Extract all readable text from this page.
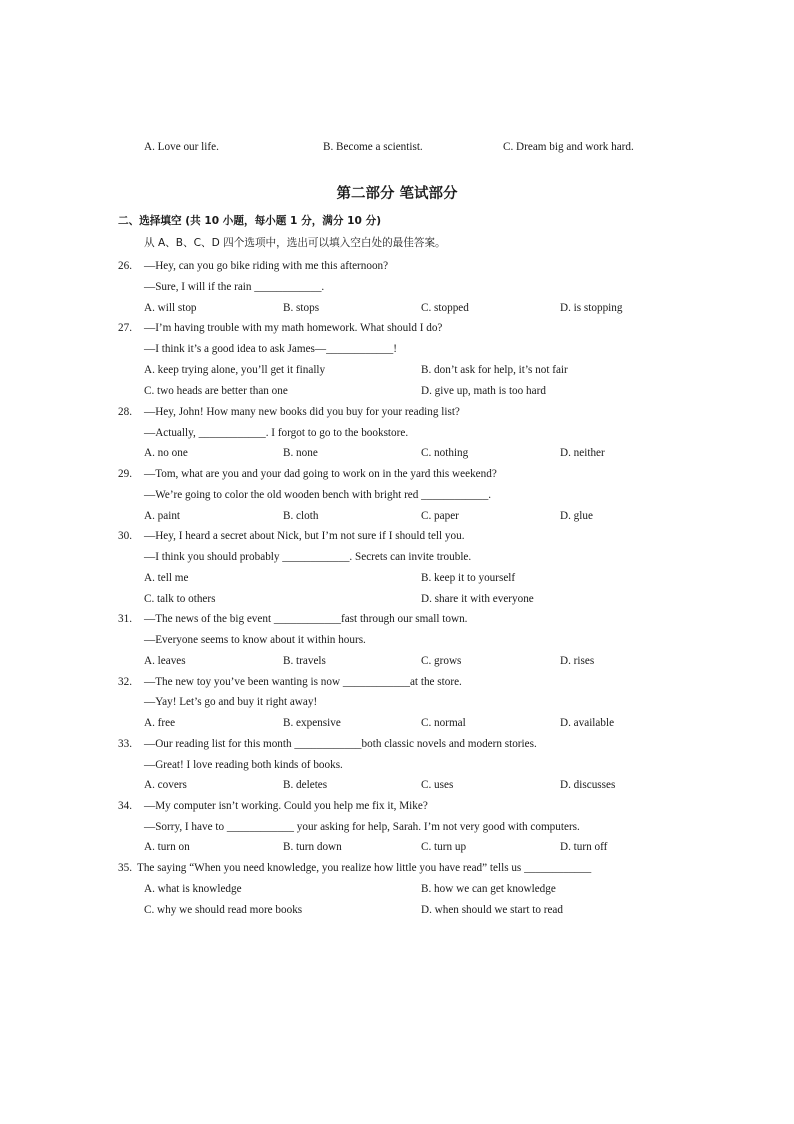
A. Love our life.	B. Become a scientist.	C. Dream big and work hard.
第二部分 笔试部分
二、选择填空 (共 10 小题，每小题 1 分，满分 10 分)
从 A、B、C、D 四个选项中，选出可以填入空白处的最佳答案。
26. —Hey, can you go bike riding with me this afternoon?
—Sure, I will if the rain ____________.
A. will stop	B. stops	C. stopped	D. is stopping
27. —I’m having trouble with my math homework. What should I do?
—I think it’s a good idea to ask James—____________!
A. keep trying alone, you’ll get it finally	B. don’t ask for help, it’s not fair
C. two heads are better than one	D. give up, math is too hard
28. —Hey, John! How many new books did you buy for your reading list?
—Actually, ____________. I forgot to go to the bookstore.
A. no one	B. none	C. nothing	D. neither
29. —Tom, what are you and your dad going to work on in the yard this weekend?
—We’re going to color the old wooden bench with bright red ____________.
A. paint	B. cloth	C. paper	D. glue
30. —Hey, I heard a secret about Nick, but I’m not sure if I should tell you.
—I think you should probably ____________. Secrets can invite trouble.
A. tell me	B. keep it to yourself
C. talk to others	D. share it with everyone
31. —The news of the big event ____________fast through our small town.
—Everyone seems to know about it within hours.
A. leaves	B. travels	C. grows	D. rises
32. —The new toy you’ve been wanting is now ____________at the store.
—Yay! Let’s go and buy it right away!
A. free	B. expensive	C. normal	D. available
33. —Our reading list for this month ____________both classic novels and modern stories.
—Great! I love reading both kinds of books.
A. covers	B. deletes	C. uses	D. discusses
34. —My computer isn’t working. Could you help me fix it, Mike?
—Sorry, I have to ____________ your asking for help, Sarah. I’m not very good with computers.
A. turn on	B. turn down	C. turn up	D. turn off
35. The saying “When you need knowledge, you realize how little you have read” tells us ____________
A. what is knowledge	B. how we can get knowledge
C. why we should read more books	D. when should we start to read
